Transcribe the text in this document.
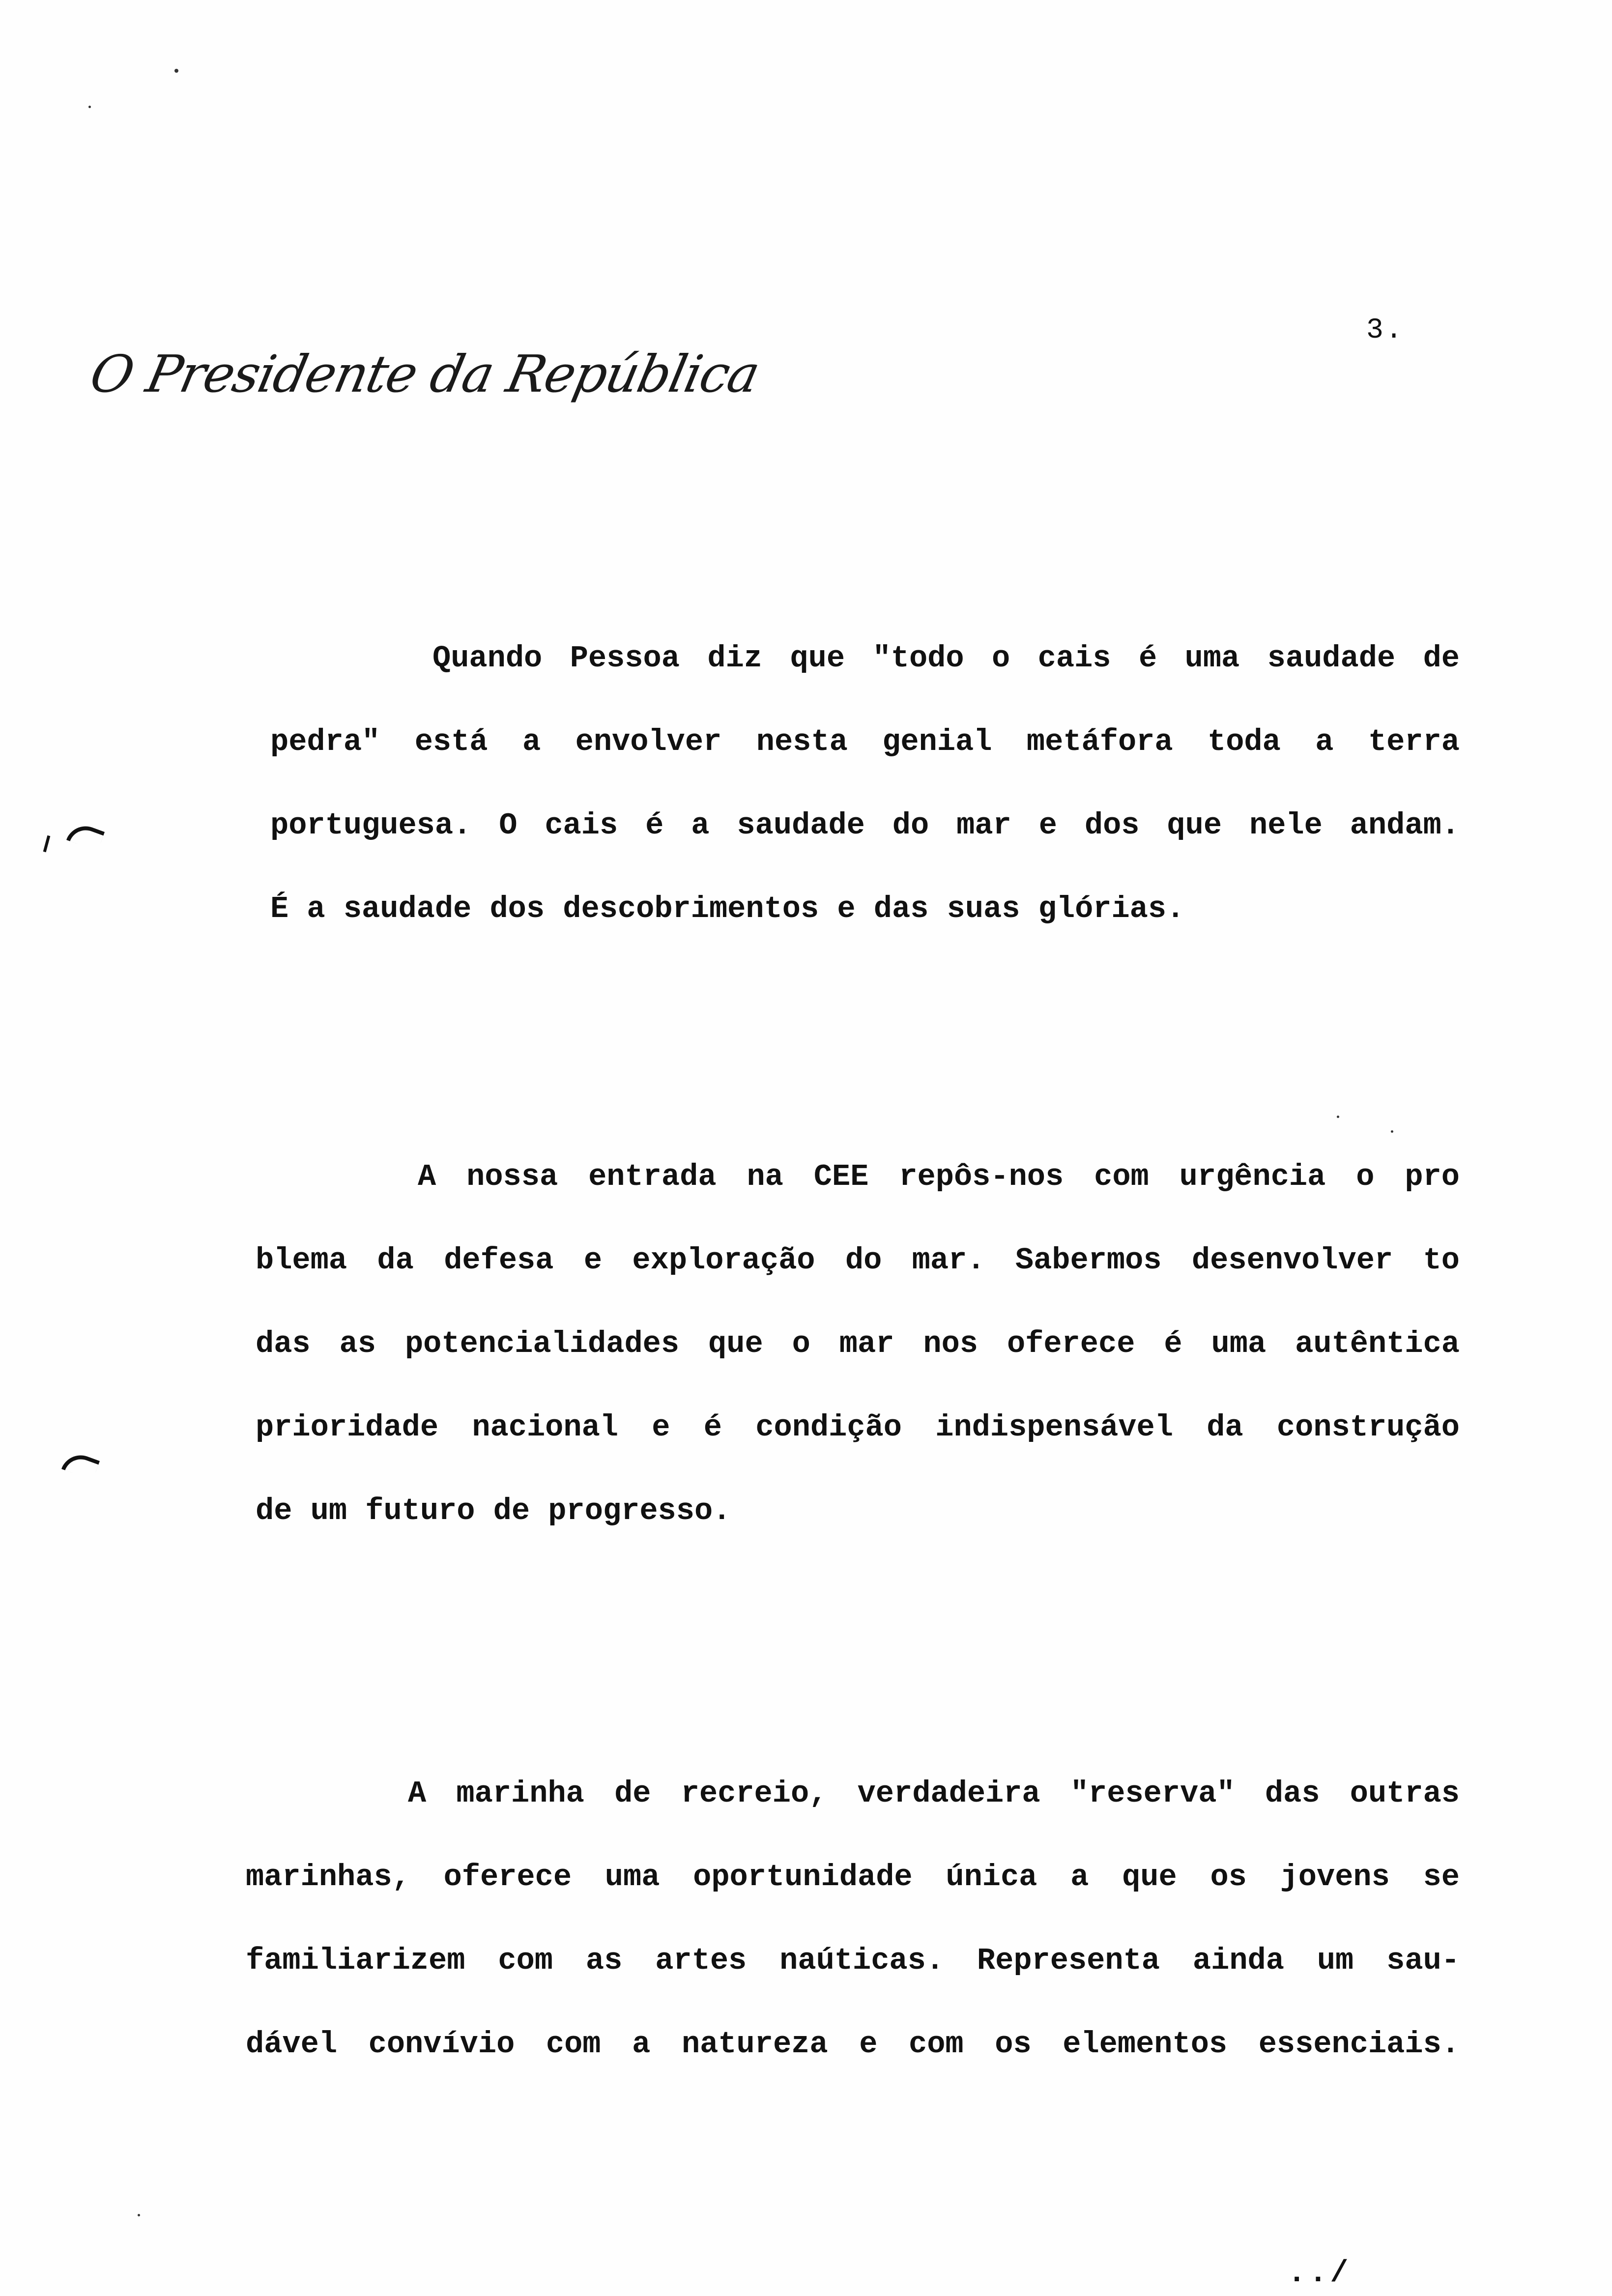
O Presidente da República
3.
Quando Pessoa diz que "todo o cais é uma saudade de
pedra" está a envolver nesta genial metáfora toda a terra
portuguesa. O cais é a saudade do mar e dos que nele andam.
É a saudade dos descobrimentos e das suas glórias.
A nossa entrada na CEE repôs-nos com urgência o pro
blema da defesa e exploração do mar. Sabermos desenvolver to
das as potencialidades que o mar nos oferece é uma autêntica
prioridade nacional e é condição indispensável da construção
de um futuro de progresso.
A marinha de recreio, verdadeira "reserva" das outras
marinhas, oferece uma oportunidade única a que os jovens se
familiarizem com as artes naúticas. Representa ainda um sau-
dável convívio com a natureza e com os elementos essenciais.
../
